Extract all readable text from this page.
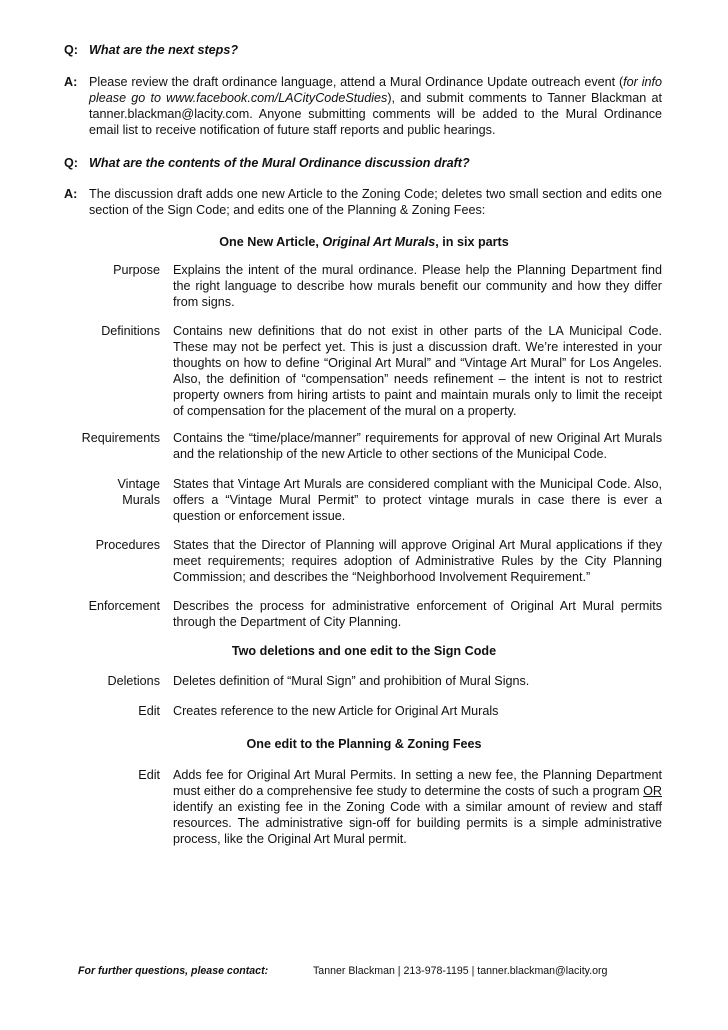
Q: What are the next steps?
A: Please review the draft ordinance language, attend a Mural Ordinance Update outreach event (for info please go to www.facebook.com/LACityCodeStudies), and submit comments to Tanner Blackman at tanner.blackman@lacity.com. Anyone submitting comments will be added to the Mural Ordinance email list to receive notification of future staff reports and public hearings.
Q: What are the contents of the Mural Ordinance discussion draft?
A: The discussion draft adds one new Article to the Zoning Code; deletes two small section and edits one section of the Sign Code; and edits one of the Planning & Zoning Fees:
One New Article, Original Art Murals, in six parts
Purpose Explains the intent of the mural ordinance. Please help the Planning Department find the right language to describe how murals benefit our community and how they differ from signs.
Definitions Contains new definitions that do not exist in other parts of the LA Municipal Code. These may not be perfect yet. This is just a discussion draft. We’re interested in your thoughts on how to define “Original Art Mural” and “Vintage Art Mural” for Los Angeles. Also, the definition of “compensation” needs refinement – the intent is not to restrict property owners from hiring artists to paint and maintain murals only to limit the receipt of compensation for the placement of the mural on a property.
Requirements Contains the “time/place/manner” requirements for approval of new Original Art Murals and the relationship of the new Article to other sections of the Municipal Code.
Vintage
Murals
States that Vintage Art Murals are considered compliant with the Municipal Code. Also, offers a “Vintage Mural Permit” to protect vintage murals in case there is ever a question or enforcement issue.
Procedures States that the Director of Planning will approve Original Art Mural applications if they meet requirements; requires adoption of Administrative Rules by the City Planning Commission; and describes the “Neighborhood Involvement Requirement.”
Enforcement Describes the process for administrative enforcement of Original Art Mural permits through the Department of City Planning.
Two deletions and one edit to the Sign Code
Deletions Deletes definition of “Mural Sign” and prohibition of Mural Signs.
Edit Creates reference to the new Article for Original Art Murals
One edit to the Planning & Zoning Fees
Edit Adds fee for Original Art Mural Permits. In setting a new fee, the Planning Department must either do a comprehensive fee study to determine the costs of such a program OR identify an existing fee in the Zoning Code with a similar amount of review and staff resources. The administrative sign-off for building permits is a simple administrative process, like the Original Art Mural permit.
For further questions, please contact:	Tanner Blackman | 213-978-1195 | tanner.blackman@lacity.org
